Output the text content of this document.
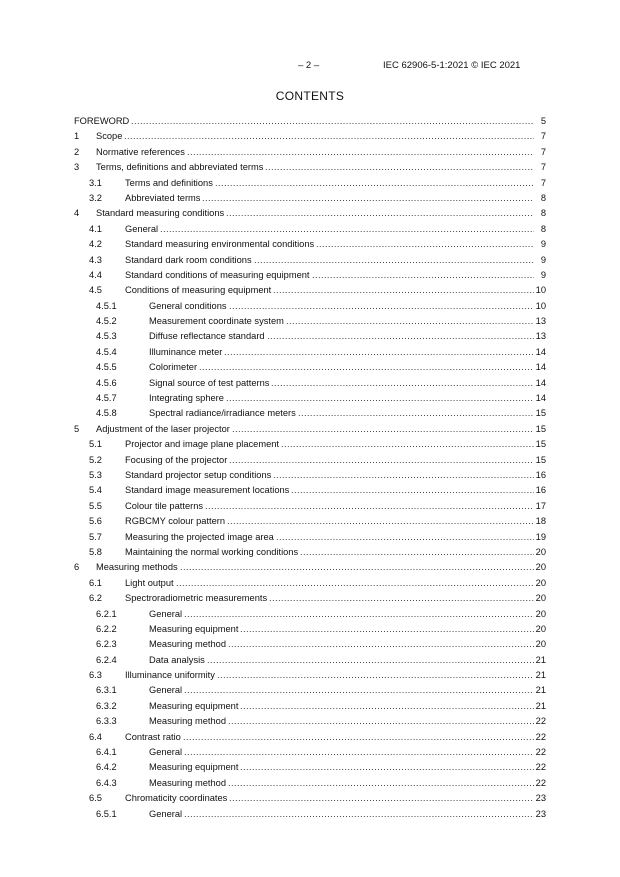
– 2 –	IEC 62906-5-1:2021 © IEC 2021
CONTENTS
.....
FOREWORD	5
1 ..... Scope	7
2 ..... Normative references	7
3 ..... Terms, definitions and abbreviated terms	7
3.1 ..... Terms and definitions	7
3.2 ..... Abbreviated terms	8
4 ..... Standard measuring conditions	8
4.1 ..... General	8
4.2 ..... Standard measuring environmental conditions	9
4.3 ..... Standard dark room conditions	9
4.4 ..... Standard conditions of measuring equipment	9
4.5 ..... Conditions of measuring equipment	10
4.5.1 .....	General conditions	10
4.5.2 .....	Measurement coordinate system	13
4.5.3 .....	Diffuse reflectance standard	13
4.5.4 .....	Illuminance meter	14
4.5.5 .....	Colorimeter	14
4.5.6 .....	Signal source of test patterns	14
4.5.7 .....	Integrating sphere	14
4.5.8 .....	Spectral radiance/irradiance meters	15
5 ..... Adjustment of the laser projector	15
5.1 ..... Projector and image plane placement	15
5.2 ..... Focusing of the projector	15
5.3 ..... Standard projector setup conditions	16
5.4 ..... Standard image measurement locations	16
5.5 ..... Colour tile patterns	17
5.6 ..... RGBCMY colour pattern	18
5.7 ..... Measuring the projected image area	19
5.8 ..... Maintaining the normal working conditions	20
6 ..... Measuring methods	20
6.1 ..... Light output	20
6.2 ..... Spectroradiometric measurements	20
6.2.1 .....	General	20
6.2.2 .....	Measuring equipment	20
6.2.3 .....	Measuring method	20
6.2.4 .....	Data analysis	21
6.3 ..... Illuminance uniformity	21
6.3.1 .....	General	21
6.3.2 .....	Measuring equipment	21
6.3.3 .....	Measuring method	22
6.4 ..... Contrast ratio	22
6.4.1 .....	General	22
6.4.2 .....	Measuring equipment	22
6.4.3 .....	Measuring method	22
6.5 ..... Chromaticity coordinates	23
6.5.1 .....	General	23
